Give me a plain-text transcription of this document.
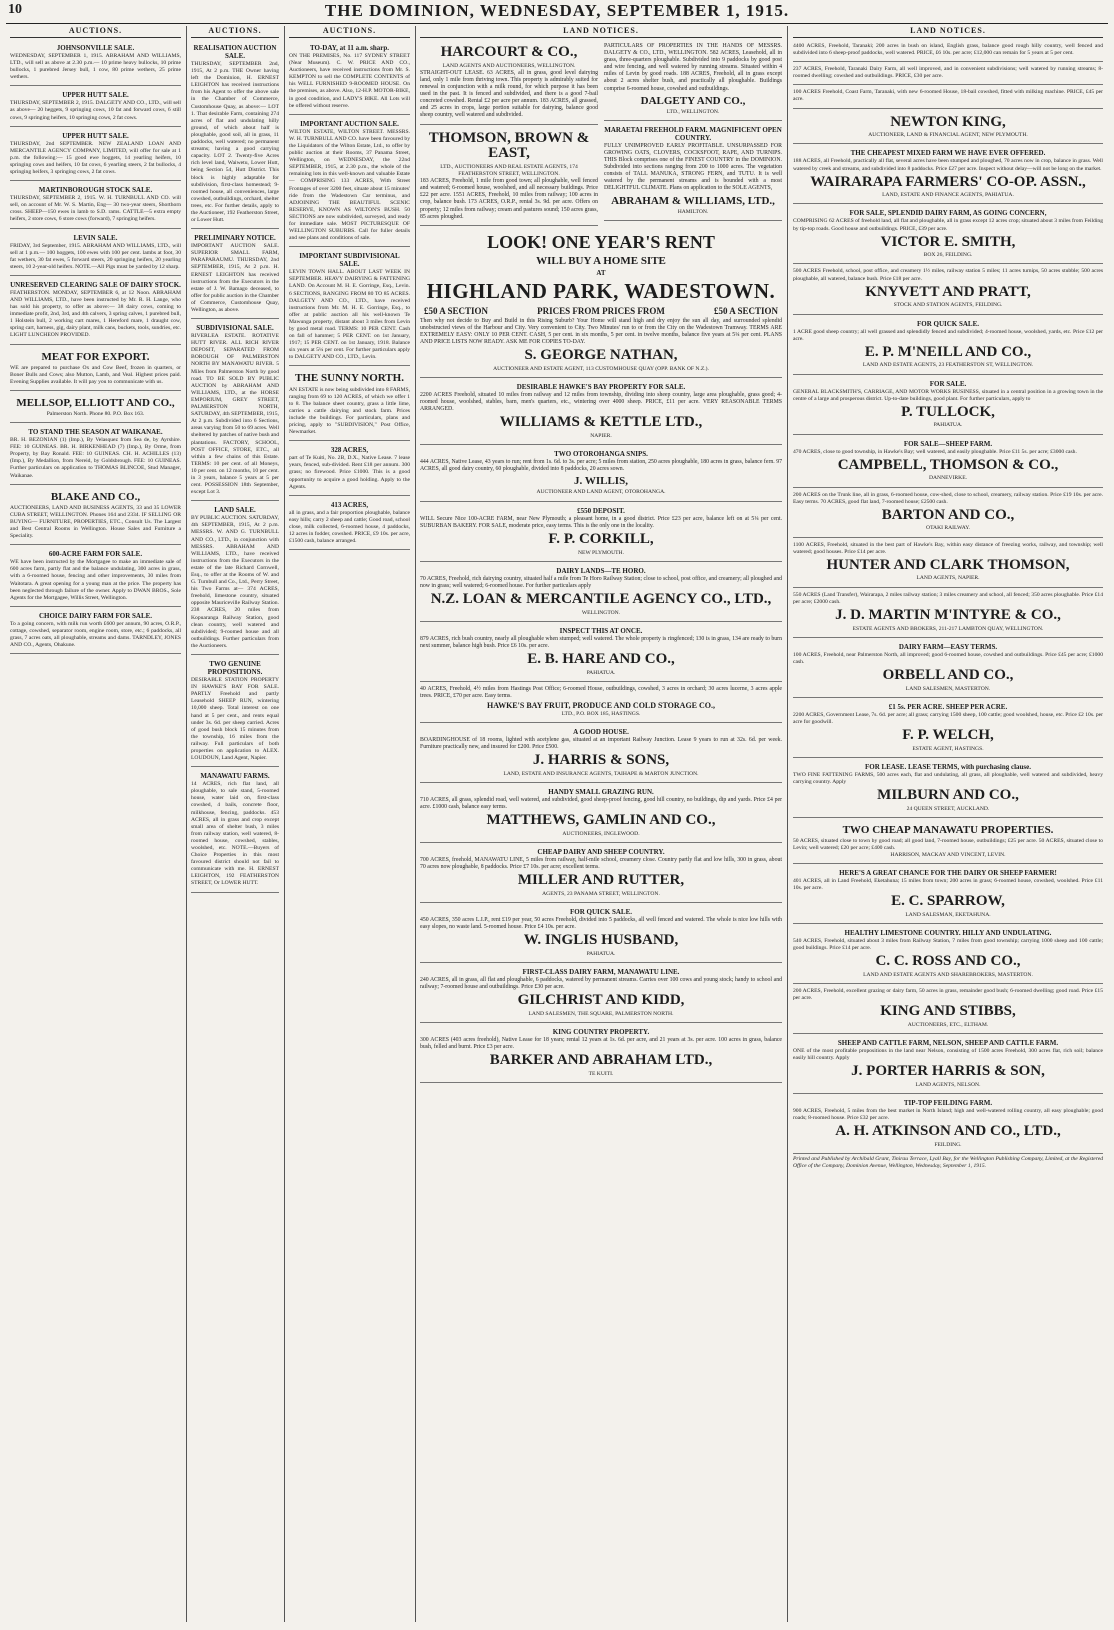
10	THE DOMINION, WEDNESDAY, SEPTEMBER 1, 1915.
AUCTIONS.
JOHNSONVILLE SALE.

WEDNESDAY, SEPTEMBER 1, 1915. ABRAHAM AND WILLIAMS, LTD., will sell as above at 2.30 p.m.— 10 prime heavy bullocks, 10 prime bullocks, 1 purebred Jersey bull, 1 cow, 80 prime wethers, 25 prime wethers.

UPPER HUTT SALE.

THURSDAY, SEPTEMBER 2, 1915. DALGETY AND CO., LTD., will sell as above— 20 heggets, 9 springing cows, 10 fat and forward cows, 6 still cows, 9 springing heifers, 10 springing cows, 2 fat cows.

UPPER HUTT SALE.

THURSDAY, 2nd SEPTEMBER. NEW ZEALAND LOAN AND MERCANTILE AGENCY COMPANY, LIMITED, will offer for sale at 1 p.m. the following:— 15 good ewe hoggets, 14 yearling heifers, 10 springing cows and heifers, 10 fat cows, 6 yearling steers, 2 fat bullocks, 4 springing heifers, 3 springing cows, 2 fat cows.

MARTINBOROUGH STOCK SALE.

THURSDAY, SEPTEMBER 2, 1915. W. H. TURNBULL AND CO. will sell, on account of Mr. W. S. Martin, Eng— 30 two-year steers, Shorthorn cross. SHEEP—150 ewes in lamb to S.D. rams. CATTLE—5 extra empty heifers, 2 store cows, 6 store cows (forward), 7 springing heifers.

LEVIN SALE.

FRIDAY, 3rd September, 1915. ABRAHAM AND WILLIAMS, LTD., will sell at 1 p.m.— 100 hoggets, 100 ewes with 100 per cent. lambs at foot, 30 fat wethers, 30 fat ewes, 5 forward steers, 20 springing heifers, 20 yearling steers, 10 2-year-old heifers. NOTE.—All Pigs must be yarded by 12 sharp.

UNRESERVED CLEARING SALE OF DAIRY STOCK.

FEATHERSTON. MONDAY, SEPTEMBER 6, at 12 Noon. ABRAHAM AND WILLIAMS, LTD., have been instructed by Mr. R. H. Lange, who has sold his property, to offer as above:— 38 dairy cows, coming to immediate profit, 2nd, 3rd, and 4th calvers, 3 spring calves, 1 purebred bull, 1 Holstein bull, 2 working cart mares, 1 Hereford mare, 1 draught cow, spring cart, harness, gig, dairy plant, milk cans, buckets, tools, sundries, etc. LIGHT LUNCHEON PROVIDED.

MEAT FOR EXPORT.

WE are prepared to purchase Ox and Cow Beef, frozen in quarters, or Boner Bulls and Cows; also Mutton, Lamb, and Veal. Highest prices paid. Evening Supplies available. It will pay you to communicate with us.

MELLSOP, ELLIOTT AND CO.,

Palmerston North. Phone 80. P.O. Box 163.

TO STAND THE SEASON AT WAIKANAE.

BR. H. BEZONIAN (1) (Imp.), By Velasquez from Sea de, by Ayrshire. FEE: 10 GUINEAS. BR. H. BIRKENHEAD (7) (Imp.), By Orme, from Property, by Bay Ronald. FEE: 10 GUINEAS. CH. H. ACHILLES (13) (Imp.), By Medallion, from Nereid, by Goldsbrough. FEE: 10 GUINEAS. Further particulars on application to THOMAS BLINCOE, Stud Manager, Waikanae.

BLAKE AND CO.,

AUCTIONEERS, LAND AND BUSINESS AGENTS, 33 and 35 LOWER CUBA STREET, WELLINGTON. Phones 164 and 2334. IF SELLING OR BUYING— FURNITURE, PROPERTIES, ETC., Consult Us. The Largest and Best Central Rooms in Wellington. House Sales and Furniture a Speciality.

600-ACRE FARM FOR SALE.

WE have been instructed by the Mortgagee to make an immediate sale of 600 acres farm, partly flat and the balance undulating, 300 acres in grass, with a 6-roomed house, fencing and other improvements, 30 miles from Waitotara. A great opening for a young man at the price. The property has been neglected through failure of the owner. Apply to DWAN BROS., Sole Agents for the Mortgagee, Willis Street, Wellington.

CHOICE DAIRY FARM FOR SALE.

To a going concern, with milk run worth £600 per annum, 90 acres, O.R.P., cottage, cowshed, separator room, engine room, store, etc.; 6 paddocks, all grass, 7 acres oats, all ploughable, streams and dams. TARNDLEY, JONES AND CO., Agents, Ohakune.

AUCTIONS.
REALISATION AUCTION SALE.

THURSDAY, SEPTEMBER 2nd, 1915, At 2 p.m. THE Owner having left the Dominion, H. ERNEST LEIGHTON has received instructions from his Agent to offer the above sale in the Chamber of Commerce, Customhouse Quay, as above:— LOT 1. That desirable Farm, containing 274 acres of flat and undulating hilly ground, of which about half is ploughable, good soil, all in grass, 11 paddocks, well watered; no permanent streams; having a good carrying capacity. LOT 2. Twenty-five Acres rich level land, Waiwetu, Lower Hutt, being Section 54, Hutt District. This block is highly adaptable for subdivision, first-class homestead; 9-roomed house, all conveniences, large cowshed, outbuildings, orchard, shelter trees, etc. For further details, apply to the Auctioneer, 192 Featherston Street, or Lower Hutt.

PRELIMINARY NOTICE.

IMPORTANT AUCTION SALE. SUPERIOR SMALL FARM, PARAPARAUMU. THURSDAY, 2nd SEPTEMBER, 1915, At 2 p.m. H. ERNEST LEIGHTON has received instructions from the Executors in the estate of J. W. Bamago deceased, to offer for public auction in the Chamber of Commerce, Customhouse Quay, Wellington, as above.

SUBDIVISIONAL SALE.

RIVERLEA ESTATE. ROTATIVE HUTT RIVER. ALL RICH RIVER DEPOSIT, SEPARATED FROM BOROUGH OF PALMERSTON NORTH BY MANAWATU RIVER. 5 Miles from Palmerston North by good road. TO BE SOLD BY PUBLIC AUCTION by ABRAHAM AND WILLIAMS, LTD., at the HORSE EMPORIUM, GREY STREET, PALMERSTON NORTH, SATURDAY, 4th SEPTEMBER, 1915, At 2 p.m. Subdivided into 6 Sections, areas varying from 50 to 69 acres. Well sheltered by patches of native bush and plantations. FACTORY, SCHOOL, POST OFFICE, STORE, ETC., all within a few chains of this Estate. TERMS: 10 per cent. of all Moneys, 10 per cent. on 12 months, 10 per cent. in 3 years, balance 5 years at 5 per cent. POSSESSION 18th September, except Lot 3.

LAND SALE.

BY PUBLIC AUCTION. SATURDAY, 4th SEPTEMBER, 1915, At 2 p.m. MESSRS. W. AND G. TURNBULL AND CO., LTD., in conjunction with MESSRS. ABRAHAM AND WILLIAMS, LTD., have received instructions from the Executors in the estate of the late Richard Cornwell, Esq., to offer at the Rooms of W. and G. Turnbull and Co., Ltd., Perry Street, his Two Farms at— 374 ACRES, freehold, limestone country, situated opposite Mauriceville Railway Station. 238 ACRES, 20 miles from Kopuaranga Railway Station, good clean country, well watered and subdivided; 9-roomed house and all outbuildings. Further particulars from the Auctioneers.

TWO GENUINE PROPOSITIONS.

DESIRABLE STATION PROPERTY IN HAWKE'S BAY FOR SALE. PARTLY Freehold and partly Leasehold SHEEP RUN, wintering 10,000 sheep. Total interest on one hand at 5 per cent., and rents equal under 3s. 6d. per sheep carried. Acres of good bush block 15 minutes from the township, 16 miles from the railway. Full particulars of both properties on application to ALEX. LOUDOUN, Land Agent, Napier.

MANAWATU FARMS.

14 ACRES, rich flat land, all ploughable, to sale stand, 5-roomed house, water laid on, first-class cowshed, 4 bails, concrete floor, milkhouse, fencing, paddocks. 453 ACRES, all in grass and crop except small area of shelter bush, 3 miles from railway station, well watered, 8-roomed house, cowshed, stables, woolshed, etc. NOTE.—Buyers of Choice Properties in this most favoured district should not fail to communicate with me. H. ERNEST LEIGHTON, 192 FEATHERSTON STREET, Or LOWER HUTT.

AUCTIONS.
TO-DAY, at 11 a.m. sharp.

ON THE PREMISES, No. 117 SYDNEY STREET (Near Museum). C. W. PRICE AND CO., Auctioneers, have received instructions from Mr. S. KEMPTON to sell the COMPLETE CONTENTS of his WELL FURNISHED 9-ROOMED HOUSE. On the premises, as above. Also, 12-H.P. MOTOR-BIKE, in good condition, and LADY'S BIKE. All Lots will be offered without reserve.

IMPORTANT AUCTION SALE.

WILTON ESTATE, WILTON STREET. MESSRS. W. H. TURNBULL AND CO. have been favoured by the Liquidators of the Wilton Estate, Ltd., to offer by public auction at their Rooms, 37 Panama Street, Wellington, on WEDNESDAY, the 22nd SEPTEMBER, 1915, at 2.30 p.m., the whole of the remaining lots in this well-known and valuable Estate— COMPRISING 133 ACRES, With Street Frontages of over 3200 feet, situate about 15 minutes' ride from the Wadestown Car terminus, and ADJOINING THE BEAUTIFUL SCENIC RESERVE, KNOWN AS WILTON'S BUSH. 50 SECTIONS are now subdivided, surveyed, and ready for immediate sale. MOST PICTURESQUE OF WELLINGTON SUBURBS. Call for fuller details and see plans and conditions of sale.

IMPORTANT SUBDIVISIONAL SALE.

LEVIN TOWN HALL. ABOUT LAST WEEK IN SEPTEMBER. HEAVY DAIRYING & FATTENING LAND. On Account M. H. E. Gorringe, Esq., Levin. 6 SECTIONS, RANGING FROM 80 TO 85 ACRES. DALGETY AND CO., LTD., have received instructions from Mr. M. H. E. Gorringe, Esq., to offer at public auction all his well-known Te Mawunga property, distant about 3 miles from Levin by good metal road. TERMS: 10 PER CENT. Cash on fall of hammer; 5 PER CENT. on 1st January, 1917; 15 PER CENT. on 1st January, 1918. Balance six years at 5¼ per cent. For further particulars apply to DALGETY AND CO., LTD., Levin.

THE SUNNY NORTH.

AN ESTATE is now being subdivided into 8 FARMS, ranging from 69 to 120 ACRES, of which we offer 1 to 8. The balance sheet country, grass a little lime, carries a cattle dairying and stock farm. Prices include the buildings. For particulars, plans and pricing, apply to "SUBDIVISION," Post Office, Newmarket.

328 ACRES,

part of Te Kuiti, No. 2B, D.X., Native Lease. 7 lease years, fenced, sub-divided. Rent £18 per annum. 300 grass; no firewood. Price £1000. This is a good opportunity to acquire a good holding. Apply to the Agents.

413 ACRES,

all in grass, and a fair proportion ploughable, balance easy hills; carry 2 sheep and cattle; Good road, school close, milk collected, 6-roomed house, 4 paddocks, 12 acres in fodder, cowshed. PRICE, £9 10s. per acre, £1500 cash, balance arranged.

LAND NOTICES.
HARCOURT & CO.,

LAND AGENTS AND AUCTIONEERS, WELLINGTON.

STRAIGHT-OUT LEASE. 63 ACRES, all in grass, good level dairying land, only 1 mile from thriving town. This property is admirably suited for renewal in conjunction with a milk round, for which purpose it has been used in the past. It is fenced and subdivided, and there is a good 7-bail concreted cowshed. Rental £2 per acre per annum. 183 ACRES, all grassed, and 25 acres in crops, large portion suitable for dairying, balance good sheep country, well watered and subdivided.

THOMSON, BROWN & EAST,

LTD., AUCTIONEERS AND REAL ESTATE AGENTS, 174 FEATHERSTON STREET, WELLINGTON.

183 ACRES, Freehold, 1 mile from good town; all ploughable, well fenced and watered; 6-roomed house, woolshed, and all necessary buildings. Price £22 per acre. 1551 ACRES, Freehold, 10 miles from railway; 100 acres in crop, balance bush. 173 ACRES, O.R.P., rental 3s. 9d. per acre. Offers on property; 12 miles from railway; cream and pastures sound; 150 acres grass, 85 acres ploughed.

PARTICULARS OF PROPERTIES IN THE HANDS OF MESSRS. DALGETY & CO., LTD., WELLINGTON. 582 ACRES, Leasehold, all in grass, three-quarters ploughable. Subdivided into 9 paddocks by good post and wire fencing, and well watered by running streams. Situated within 4 miles of Levin by good roads. 188 ACRES, Freehold, all in grass except about 2 acres shelter bush, and practically all ploughable. Buildings comprise 6-roomed house, cowshed and outbuildings.

DALGETY AND CO.,

LTD., WELLINGTON.

MARAETAI FREEHOLD FARM. MAGNIFICENT OPEN COUNTRY.

FULLY UNIMPROVED EARLY PROFITABLE. UNSURPASSED FOR GROWING OATS, CLOVERS, COCKSFOOT, RAPE, AND TURNIPS. THIS Block comprises one of the FINEST COUNTRY in the DOMINION. Subdivided into sections ranging from 200 to 1000 acres. The vegetation consists of TALL MANUKA, STRONG FERN, and TUTU. It is well watered by the permanent streams and is bounded with a most DELIGHTFUL CLIMATE. Plans on application to the SOLE AGENTS,

ABRAHAM & WILLIAMS, LTD.,

HAMILTON.

LOOK! ONE YEAR'S RENT
WILL BUY A HOME SITE
AT
HIGHLAND PARK, WADESTOWN.
£50 A SECTION	PRICES FROM PRICES FROM	£50 A SECTION

Then why not decide to Buy and Build in this Rising Suburb? Your Home will stand high and dry enjoy the sun all day, and surrounded splendid unobstructed views of the Harbour and City. Very convenient to City. Two Minutes' run to or from the City on the Wadestown Tramway. TERMS ARE EXTREMELY EASY: ONLY 10 PER CENT. CASH, 5 per cent. in six months, 5 per cent. in twelve months, balance five years at 5¼ per cent. PLANS AND PRICE LISTS NOW READY. ASK ME FOR COPIES TO-DAY.

S. GEORGE NATHAN,

AUCTIONEER AND ESTATE AGENT, 113 CUSTOMHOUSE QUAY (OPP. BANK OF N.Z.).

DESIRABLE HAWKE'S BAY PROPERTY FOR SALE.

2200 ACRES Freehold, situated 10 miles from railway and 12 miles from township, dividing into sheep country, large area ploughable, grass good; 4-roomed house, woolshed, stables, barn, men's quarters, etc., wintering over 4000 sheep. PRICE, £11 per acre. VERY REASONABLE TERMS ARRANGED.

WILLIAMS & KETTLE LTD.,

NAPIER.

TWO OTOROHANGA SNIPS.

444 ACRES, Native Lease, 43 years to run; rent from 1s. 6d. to 3s. per acre; 5 miles from station, 250 acres ploughable, 180 acres in grass, balance fern. 97 ACRES, all good dairy country, 60 ploughable, divided into 8 paddocks, 20 acres sown.

J. WILLIS,

AUCTIONEER AND LAND AGENT, OTOROHANGA.

£550 DEPOSIT.

WILL Secure Nice 100-ACRE FARM, near New Plymouth; a pleasant home, in a good district. Price £23 per acre, balance left on at 5¼ per cent. SUBURBAN BAKERY. FOR SALE, moderate price, easy terms. This is the only one in the locality.

F. P. CORKILL,

NEW PLYMOUTH.

DAIRY LANDS—TE HORO.

70 ACRES, Freehold, rich dairying country, situated half a mile from Te Horo Railway Station; close to school, post office, and creamery; all ploughed and now in grass; well watered; 6-roomed house. For further particulars apply

N.Z. LOAN & MERCANTILE AGENCY CO., LTD.,

WELLINGTON.

INSPECT THIS AT ONCE.

879 ACRES, rich bush country, nearly all ploughable when stumped; well watered. The whole property is ringfenced; 130 is in grass, 134 are ready to burn next summer, balance high bush. Price £6 10s. per acre.

E. B. HARE AND CO.,

PAHIATUA.

40 ACRES, Freehold, 4½ miles from Hastings Post Office; 6-roomed House, outbuildings, cowshed, 3 acres in orchard; 30 acres lucerne, 3 acres apple trees. PRICE, £70 per acre. Easy terms.

HAWKE'S BAY FRUIT, PRODUCE AND COLD STORAGE CO.,

LTD., P.O. BOX 185, HASTINGS.

A GOOD HOUSE.

BOARDINGHOUSE of 18 rooms, lighted with acetylene gas, situated at an important Railway Junction. Lease 9 years to run at 32s. 6d. per week. Furniture practically new, and insured for £200. Price £500.

J. HARRIS & SONS,

LAND, ESTATE AND INSURANCE AGENTS, TAIHAPE & MARTON JUNCTION.

HANDY SMALL GRAZING RUN.

710 ACRES, all grass, splendid road, well watered, and subdivided, good sheep-proof fencing, good hill country, no buildings, dip and yards. Price £4 per acre. £1000 cash, balance easy terms.

MATTHEWS, GAMLIN AND CO.,

AUCTIONEERS, INGLEWOOD.

CHEAP DAIRY AND SHEEP COUNTRY.

700 ACRES, freehold, MANAWATU LINE, 5 miles from railway, half-mile school, creamery close. Country partly flat and low hills, 300 in grass, about 70 acres now ploughable, 8 paddocks. Price £7 10s. per acre; excellent terms.

MILLER AND RUTTER,

AGENTS, 23 PANAMA STREET, WELLINGTON.

FOR QUICK SALE.

450 ACRES, 350 acres L.I.P., rent £19 per year, 50 acres Freehold, divided into 5 paddocks, all well fenced and watered. The whole is nice low hills with easy slopes, no waste land. 5-roomed house. Price £4 10s. per acre.

W. INGLIS HUSBAND,

PAHIATUA.

FIRST-CLASS DAIRY FARM, MANAWATU LINE.

240 ACRES, all in grass, all flat and ploughable, 6 paddocks, watered by permanent streams. Carries over 100 cows and young stock; handy to school and railway; 7-roomed house and outbuildings. Price £30 per acre.

GILCHRIST AND KIDD,

LAND SALESMEN, THE SQUARE, PALMERSTON NORTH.

KING COUNTRY PROPERTY.

300 ACRES (403 acres freehold), Native Lease for 18 years; rental 12 years at 1s. 6d. per acre, and 21 years at 3s. per acre. 100 acres in grass, balance bush, felled and burnt. Price £3 per acre.

BARKER AND ABRAHAM LTD.,

TE KUITI.

LAND NOTICES.

4400 ACRES, Freehold, Taranaki; 200 acres in bush on island, English grass, balance good rough hilly country, well fenced and subdivided into 6 sheep-proof paddocks, well watered. PRICE, £6 10s. per acre; £12,000 can remain for 5 years at 5 per cent.

237 ACRES, Freehold, Taranaki Dairy Farm, all well improved, and in convenient subdivisions; well watered by running streams; 8-roomed dwelling; cowshed and outbuildings. PRICE, £30 per acre.

100 ACRES Freehold, Coast Farm, Taranaki, with new 6-roomed House, 18-bail cowshed, fitted with milking machine. PRICE, £45 per acre.

NEWTON KING,

AUCTIONEER, LAND & FINANCIAL AGENT, NEW PLYMOUTH.

THE CHEAPEST MIXED FARM WE HAVE EVER OFFERED.

188 ACRES, all Freehold, practically all flat, several acres have been stumped and ploughed, 70 acres now in crop, balance in grass. Well watered by creek and streams, and subdivided into 8 paddocks. Price £27 per acre. Inspect without delay—will not be long on the market.

WAIRARAPA FARMERS' CO-OP. ASSN.,

LAND, ESTATE AND FINANCE AGENTS, PAHIATUA.

FOR SALE, SPLENDID DAIRY FARM, AS GOING CONCERN,

COMPRISING 62 ACRES of freehold land, all flat and ploughable, all in grass except 12 acres crop; situated about 3 miles from Feilding by tip-top roads. Good house and outbuildings. PRICE, £39 per acre.

VICTOR E. SMITH,

BOX 26, FEILDING.

500 ACRES Freehold, school, post office, and creamery 1½ miles, railway station 5 miles; 11 acres turnips, 50 acres stubble; 500 acres ploughable, all watered, balance bush. Price £18 per acre.

KNYVETT AND PRATT,

STOCK AND STATION AGENTS, FEILDING.

FOR QUICK SALE.

1 ACRE good sheep country; all well grassed and splendidly fenced and subdivided; 4-roomed house, woolshed, yards, etc. Price £12 per acre.

E. P. M'NEILL AND CO.,

LAND AND ESTATE AGENTS, 23 FEATHERSTON ST, WELLINGTON.

FOR SALE.

GENERAL BLACKSMITH'S, CARRIAGE, AND MOTOR WORKS BUSINESS, situated in a central position in a growing town in the centre of a large and prosperous district. Up-to-date buildings, good plant. For further particulars, apply to

P. TULLOCK,

PAHIATUA.

FOR SALE—SHEEP FARM.

470 ACRES, close to good township, in Hawke's Bay; well watered, and easily ploughable. Price £11 5s. per acre; £3000 cash.

CAMPBELL, THOMSON & CO.,

DANNEVIRKE.

200 ACRES on the Trunk line, all in grass, 6-roomed house, cow-shed, close to school, creamery, railway station. Price £19 10s. per acre. Easy terms. 70 ACRES, good flat land, 7-roomed house; £2500 cash.

BARTON AND CO.,

OTAKI RAILWAY.

1100 ACRES, Freehold, situated in the best part of Hawke's Bay, within easy distance of freezing works, railway, and township; well watered; good houses. Price £14 per acre.

HUNTER AND CLARK THOMSON,

LAND AGENTS, NAPIER.

550 ACRES (Land Transfer), Wairarapa, 2 miles railway station; 3 miles creamery and school, all fenced; 350 acres ploughable. Price £14 per acre; £2000 cash.

J. D. MARTIN M'INTYRE & CO.,

ESTATE AGENTS AND BROKERS, 211-217 LAMBTON QUAY, WELLINGTON.

DAIRY FARM—EASY TERMS.

100 ACRES, Freehold, near Palmerston North, all improved; good 6-roomed house, cowshed and outbuildings. Price £45 per acre; £1000 cash.

ORBELL AND CO.,

LAND SALESMEN, MASTERTON.

£1 5s. PER ACRE. SHEEP PER ACRE.

2200 ACRES, Government Lease, 7s. 6d. per acre; all grass; carrying 1500 sheep, 100 cattle; good woolshed, house, etc. Price £2 10s. per acre for goodwill.

F. P. WELCH,

ESTATE AGENT, HASTINGS.

FOR LEASE. LEASE TERMS, with purchasing clause.

TWO FINE FATTENING FARMS, 500 acres each, flat and undulating, all grass, all ploughable, well watered and subdivided, heavy carrying country. Apply

MILBURN AND CO.,

24 QUEEN STREET, AUCKLAND.

TWO CHEAP MANAWATU PROPERTIES.

50 ACRES, situated close to town by good road; all good land, 7-roomed house, outbuildings; £25 per acre. 50 ACRES, situated close to Levin; well watered; £20 per acre; £400 cash.

HARRISON, MACKAY AND VINCENT, LEVIN.

HERE'S A GREAT CHANCE FOR THE DAIRY OR SHEEP FARMER!

401 ACRES, all in Land Freehold, Eketahuna; 15 miles from town; 200 acres in grass; 6-roomed house, cowshed, woolshed. Price £11 10s. per acre.

E. C. SPARROW,

LAND SALESMAN, EKETAHUNA.

HEALTHY LIMESTONE COUNTRY. HILLY AND UNDULATING.

540 ACRES, Freehold, situated about 3 miles from Railway Station, 7 miles from good township; carrying 1000 sheep and 100 cattle; good buildings. Price £14 per acre.

C. C. ROSS AND CO.,

LAND AND ESTATE AGENTS AND SHAREBROKERS, MASTERTON.

200 ACRES, Freehold, excellent grazing or dairy farm, 50 acres in grass, remainder good bush; 6-roomed dwelling; good road. Price £15 per acre.

KING AND STIBBS,

AUCTIONEERS, ETC., ELTHAM.

SHEEP AND CATTLE FARM, NELSON, SHEEP AND CATTLE FARM.

ONE of the most profitable propositions in the land near Nelson, consisting of 1500 acres Freehold, 300 acres flat, rich soil; balance easily hill country. Apply

J. PORTER HARRIS & SON,

LAND AGENTS, NELSON.

TIP-TOP FEILDING FARM.

900 ACRES, Freehold, 5 miles from the best market in North Island; high and well-watered rolling country, all easy ploughable; good roads; 8-roomed house. Price £32 per acre.

A. H. ATKINSON AND CO., LTD.,

FEILDING.

Printed and Published by Archibald Grant, Tinirau Terrace, Lyall Bay, for the Wellington Publishing Company, Limited, at the Registered Office of the Company, Dominion Avenue, Wellington, Wednesday, September 1, 1915.
